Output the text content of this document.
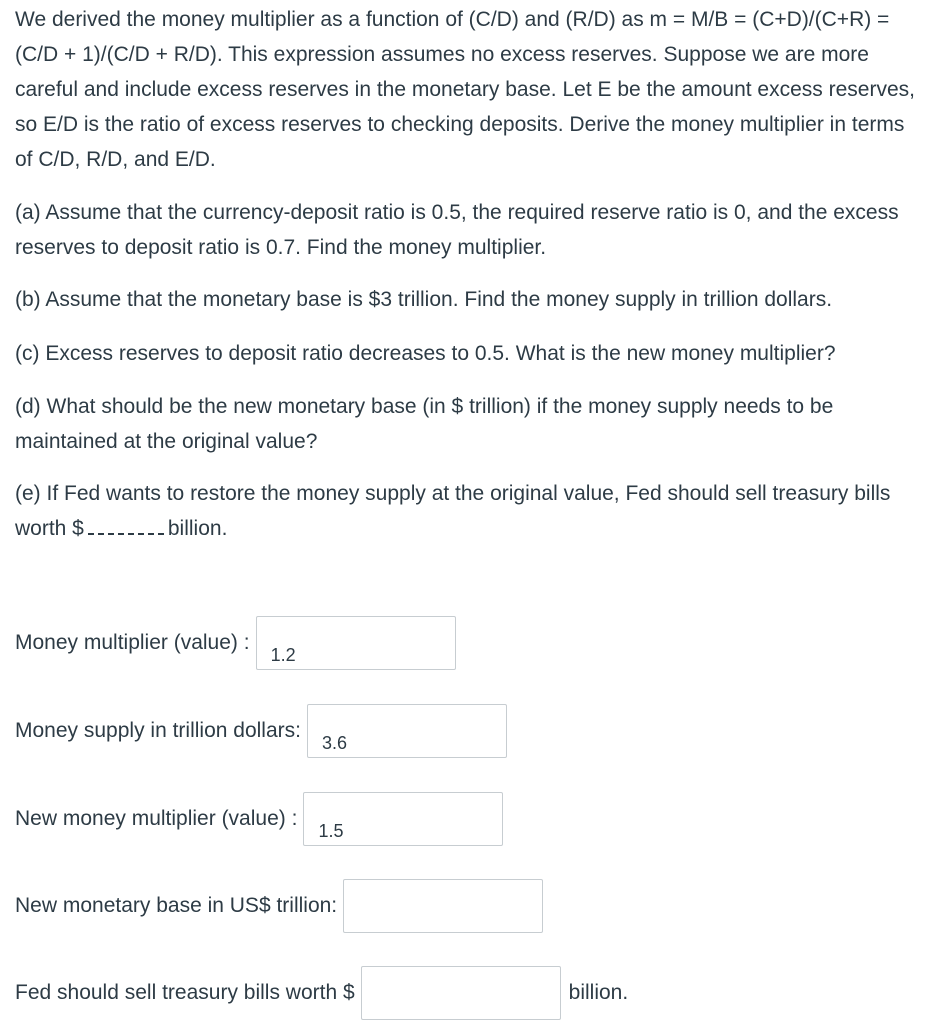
We derived the money multiplier as a function of (C/D) and (R/D) as m = M/B = (C+D)/(C+R) = (C/D + 1)/(C/D + R/D). This expression assumes no excess reserves. Suppose we are more careful and include excess reserves in the monetary base. Let E be the amount excess reserves, so E/D is the ratio of excess reserves to checking deposits. Derive the money multiplier in terms of C/D, R/D, and E/D.

(a) Assume that the currency-deposit ratio is 0.5, the required reserve ratio is 0, and the excess reserves to deposit ratio is 0.7. Find the money multiplier.

(b) Assume that the monetary base is $3 trillion. Find the money supply in trillion dollars.

(c) Excess reserves to deposit ratio decreases to 0.5. What is the new money multiplier?

(d) What should be the new monetary base (in $ trillion) if the money supply needs to be maintained at the original value?

(e) If Fed wants to restore the money supply at the original value, Fed should sell treasury bills worth $	billion.

Money multiplier (value) :
1.2
Money supply in trillion dollars:
3.6
New money multiplier (value) :
1.5
New monetary base in US$ trillion:
Fed should sell treasury bills worth $	billion.
